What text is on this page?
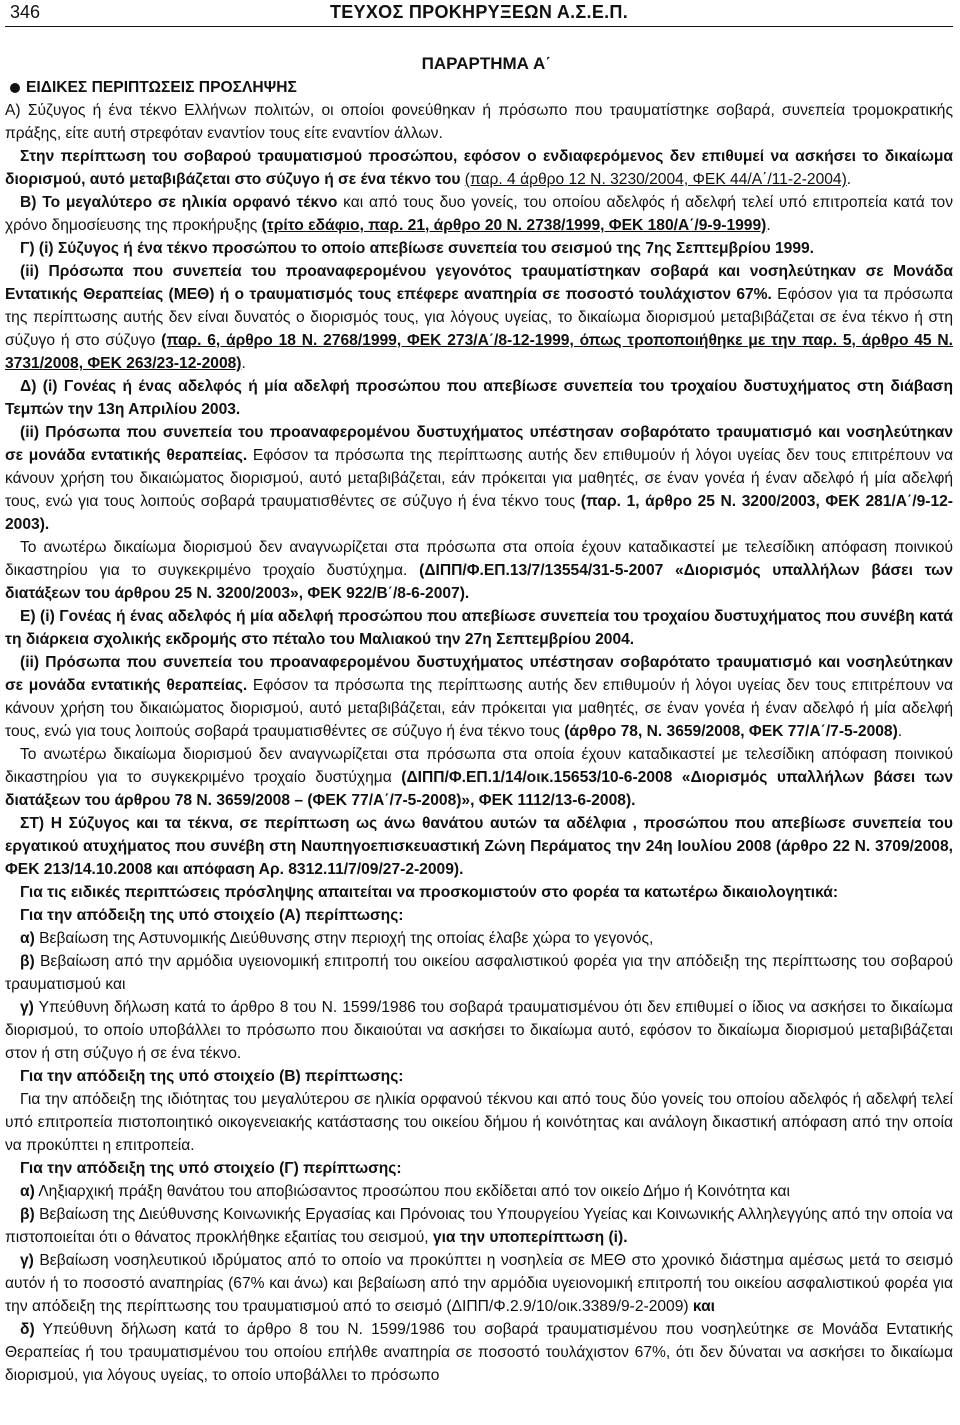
346	ΤΕΥΧΟΣ ΠΡΟΚΗΡΥΞΕΩΝ Α.Σ.Ε.Π.
ΠΑΡΑΡΤΗΜΑ Α΄

ΕΙΔΙΚΕΣ ΠΕΡΙΠΤΩΣΕΙΣ ΠΡΟΣΛΗΨΗΣ

Α) Σύζυγος ή ένα τέκνο Ελλήνων πολιτών, οι οποίοι φονεύθηκαν ή πρόσωπο που τραυματίστηκε σοβαρά, συνεπεία τρομοκρατικής πράξης, είτε αυτή στρεφόταν εναντίον τους είτε εναντίον άλλων.

Στην περίπτωση του σοβαρού τραυματισμού προσώπου, εφόσον ο ενδιαφερόμενος δεν επιθυμεί να ασκήσει το δικαίωμα διορισμού, αυτό μεταβιβάζεται στο σύζυγο ή σε ένα τέκνο του (παρ. 4 άρθρο 12 Ν. 3230/2004, ΦΕΚ 44/Α΄/11-2-2004).

Β) Το μεγαλύτερο σε ηλικία ορφανό τέκνο και από τους δυο γονείς, του οποίου αδελφός ή αδελφή τελεί υπό επιτροπεία κατά τον χρόνο δημοσίευσης της προκήρυξης (τρίτο εδάφιο, παρ. 21, άρθρο 20 Ν. 2738/1999, ΦΕΚ 180/Α΄/9-9-1999).

Γ) (i) Σύζυγος ή ένα τέκνο προσώπου το οποίο απεβίωσε συνεπεία του σεισμού της 7ης Σεπτεμβρίου 1999.

(ii) Πρόσωπα που συνεπεία του προαναφερομένου γεγονότος τραυματίστηκαν σοβαρά και νοσηλεύτηκαν σε Μονάδα Εντατικής Θεραπείας (ΜΕΘ) ή ο τραυματισμός τους επέφερε αναπηρία σε ποσοστό τουλάχιστον 67%. Εφόσον για τα πρόσωπα της περίπτωσης αυτής δεν είναι δυνατός ο διορισμός τους, για λόγους υγείας, το δικαίωμα διορισμού μεταβιβάζεται σε ένα τέκνο ή στη σύζυγο ή στο σύζυγο (παρ. 6, άρθρο 18 Ν. 2768/1999, ΦΕΚ 273/Α΄/8-12-1999, όπως τροποποιήθηκε με την παρ. 5, άρθρο 45 Ν. 3731/2008, ΦΕΚ 263/23-12-2008).

Δ) (i) Γονέας ή ένας αδελφός ή μία αδελφή προσώπου που απεβίωσε συνεπεία του τροχαίου δυστυχήματος στη διάβαση Τεμπών την 13η Απριλίου 2003.

(ii) Πρόσωπα που συνεπεία του προαναφερομένου δυστυχήματος υπέστησαν σοβαρότατο τραυματισμό και νοσηλεύτηκαν σε μονάδα εντατικής θεραπείας. Εφόσον τα πρόσωπα της περίπτωσης αυτής δεν επιθυμούν ή λόγοι υγείας δεν τους επιτρέπουν να κάνουν χρήση του δικαιώματος διορισμού, αυτό μεταβιβάζεται, εάν πρόκειται για μαθητές, σε έναν γονέα ή έναν αδελφό ή μία αδελφή τους, ενώ για τους λοιπούς σοβαρά τραυματισθέντες σε σύζυγο ή ένα τέκνο τους (παρ. 1, άρθρο 25 Ν. 3200/2003, ΦΕΚ 281/Α΄/9-12-2003).

Το ανωτέρω δικαίωμα διορισμού δεν αναγνωρίζεται στα πρόσωπα στα οποία έχουν καταδικαστεί με τελεσίδικη απόφαση ποινικού δικαστηρίου για το συγκεκριμένο τροχαίο δυστύχημα. (ΔΙΠΠ/Φ.ΕΠ.13/7/13554/31-5-2007 «Διορισμός υπαλλήλων βάσει των διατάξεων του άρθρου 25 Ν. 3200/2003», ΦΕΚ 922/Β΄/8-6-2007).

Ε) (i) Γονέας ή ένας αδελφός ή μία αδελφή προσώπου που απεβίωσε συνεπεία του τροχαίου δυστυχήματος που συνέβη κατά τη διάρκεια σχολικής εκδρομής στο πέταλο του Μαλιακού την 27η Σεπτεμβρίου 2004.

(ii) Πρόσωπα που συνεπεία του προαναφερομένου δυστυχήματος υπέστησαν σοβαρότατο τραυματισμό και νοσηλεύτηκαν σε μονάδα εντατικής θεραπείας. Εφόσον τα πρόσωπα της περίπτωσης αυτής δεν επιθυμούν ή λόγοι υγείας δεν τους επιτρέπουν να κάνουν χρήση του δικαιώματος διορισμού, αυτό μεταβιβάζεται, εάν πρόκειται για μαθητές, σε έναν γονέα ή έναν αδελφό ή μία αδελφή τους, ενώ για τους λοιπούς σοβαρά τραυματισθέντες σε σύζυγο ή ένα τέκνο τους (άρθρο 78, Ν. 3659/2008, ΦΕΚ 77/Α΄/7-5-2008).

Το ανωτέρω δικαίωμα διορισμού δεν αναγνωρίζεται στα πρόσωπα στα οποία έχουν καταδικαστεί με τελεσίδικη απόφαση ποινικού δικαστηρίου για το συγκεκριμένο τροχαίο δυστύχημα (ΔΙΠΠ/Φ.ΕΠ.1/14/οικ.15653/10-6-2008 «Διορισμός υπαλλήλων βάσει των διατάξεων του άρθρου 78 Ν. 3659/2008 – (ΦΕΚ 77/Α΄/7-5-2008)», ΦΕΚ 1112/13-6-2008).

ΣΤ) Η Σύζυγος και τα τέκνα, σε περίπτωση ως άνω θανάτου αυτών τα αδέλφια , προσώπου που απεβίωσε συνεπεία του εργατικού ατυχήματος που συνέβη στη Ναυπηγοεπισκευαστική Ζώνη Περάματος την 24η Ιουλίου 2008 (άρθρο 22 Ν. 3709/2008, ΦΕΚ 213/14.10.2008 και απόφαση Αρ. 8312.11/7/09/27-2-2009).

Για τις ειδικές περιπτώσεις πρόσληψης απαιτείται να προσκομιστούν στο φορέα τα κατωτέρω δικαιολογητικά:

Για την απόδειξη της υπό στοιχείο (Α) περίπτωσης:

α) Βεβαίωση της Αστυνομικής Διεύθυνσης στην περιοχή της οποίας έλαβε χώρα το γεγονός,

β) Βεβαίωση από την αρμόδια υγειονομική επιτροπή του οικείου ασφαλιστικού φορέα για την απόδειξη της περίπτωσης του σοβαρού τραυματισμού και

γ) Υπεύθυνη δήλωση κατά το άρθρο 8 του Ν. 1599/1986 του σοβαρά τραυματισμένου ότι δεν επιθυμεί ο ίδιος να ασκήσει το δικαίωμα διορισμού, το οποίο υποβάλλει το πρόσωπο που δικαιούται να ασκήσει το δικαίωμα αυτό, εφόσον το δικαίωμα διορισμού μεταβιβάζεται στον ή στη σύζυγο ή σε ένα τέκνο.

Για την απόδειξη της υπό στοιχείο (Β) περίπτωσης:

Για την απόδειξη της ιδιότητας του μεγαλύτερου σε ηλικία ορφανού τέκνου και από τους δύο γονείς του οποίου αδελφός ή αδελφή τελεί υπό επιτροπεία πιστοποιητικό οικογενειακής κατάστασης του οικείου δήμου ή κοινότητας και ανάλογη δικαστική απόφαση από την οποία να προκύπτει η επιτροπεία.

Για την απόδειξη της υπό στοιχείο (Γ) περίπτωσης:

α) Ληξιαρχική πράξη θανάτου του αποβιώσαντος προσώπου που εκδίδεται από τον οικείο Δήμο ή Κοινότητα και

β) Βεβαίωση της Διεύθυνσης Κοινωνικής Εργασίας και Πρόνοιας του Υπουργείου Υγείας και Κοινωνικής Αλληλεγγύης από την οποία να πιστοποιείται ότι ο θάνατος προκλήθηκε εξαιτίας του σεισμού, για την υποπερίπτωση (i).

γ) Βεβαίωση νοσηλευτικού ιδρύματος από το οποίο να προκύπτει η νοσηλεία σε ΜΕΘ στο χρονικό διάστημα αμέσως μετά το σεισμό αυτόν ή το ποσοστό αναπηρίας (67% και άνω) και βεβαίωση από την αρμόδια υγειονομική επιτροπή του οικείου ασφαλιστικού φορέα για την απόδειξη της περίπτωσης του τραυματισμού από το σεισμό (ΔΙΠΠ/Φ.2.9/10/οικ.3389/9-2-2009) και

δ) Υπεύθυνη δήλωση κατά το άρθρο 8 του Ν. 1599/1986 του σοβαρά τραυματισμένου που νοσηλεύτηκε σε Μονάδα Εντατικής Θεραπείας ή του τραυματισμένου του οποίου επήλθε αναπηρία σε ποσοστό τουλάχιστον 67%, ότι δεν δύναται να ασκήσει το δικαίωμα διορισμού, για λόγους υγείας, το οποίο υποβάλλει το πρόσωπο
